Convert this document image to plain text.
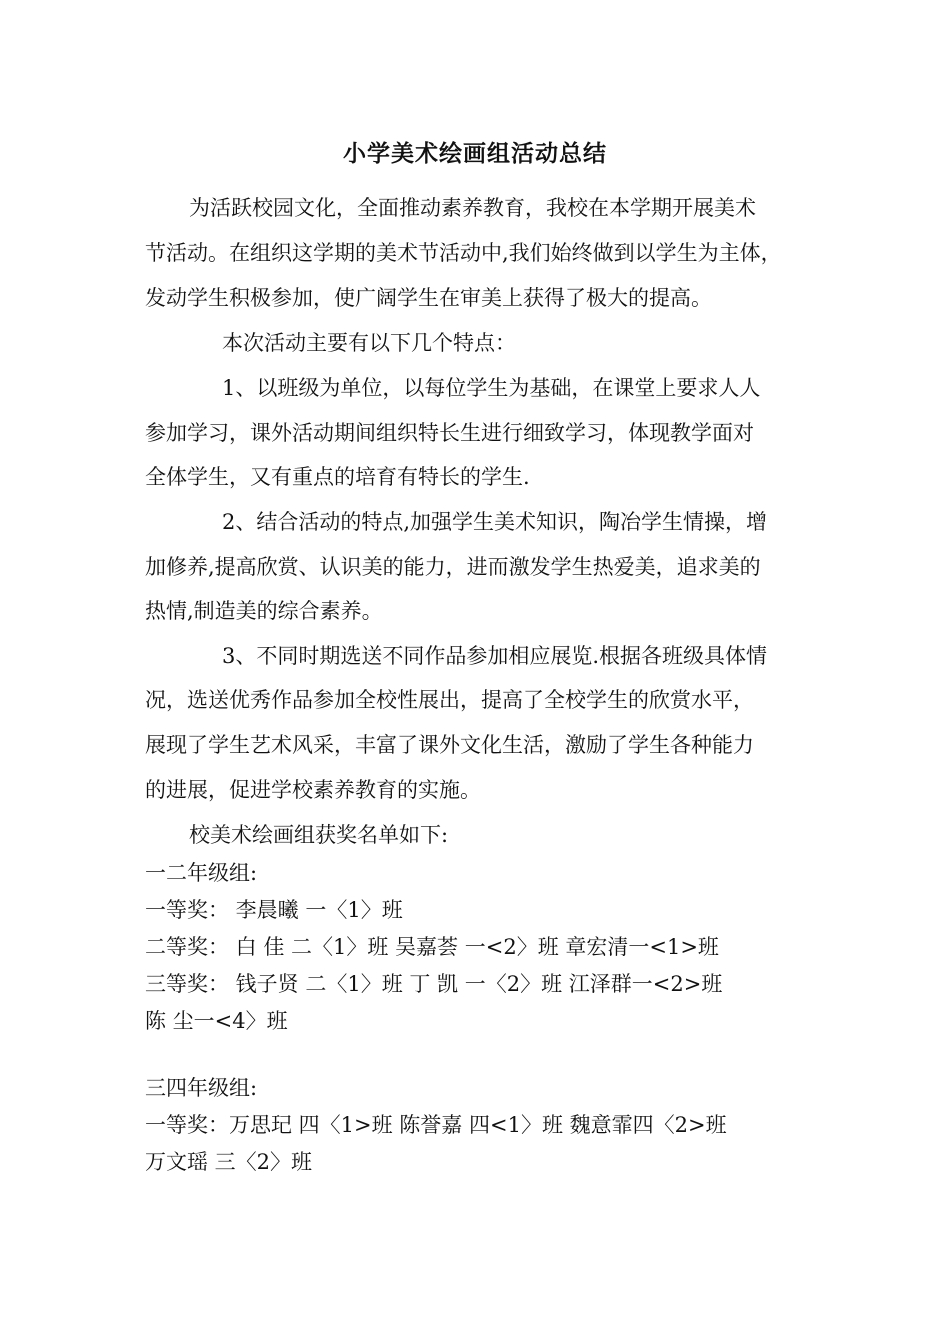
小学美术绘画组活动总结
为活跃校园文化，全面推动素养教育，我校在本学期开展美术
节活动。在组织这学期的美术节活动中,我们始终做到以学生为主体，
发动学生积极参加，使广阔学生在审美上获得了极大的提高。
本次活动主要有以下几个特点：
1、以班级为单位，以每位学生为基础，在课堂上要求人人
参加学习，课外活动期间组织特长生进行细致学习，体现教学面对
全体学生，又有重点的培育有特长的学生.
2、结合活动的特点,加强学生美术知识，陶冶学生情操，增
加修养,提高欣赏、认识美的能力，进而激发学生热爱美，追求美的
热情,制造美的综合素养。
3、不同时期选送不同作品参加相应展览.根据各班级具体情
况，选送优秀作品参加全校性展出，提高了全校学生的欣赏水平，
展现了学生艺术风采，丰富了课外文化生活，激励了学生各种能力
的进展，促进学校素养教育的实施。
校美术绘画组获奖名单如下:
一二年级组:
一等奖： 李晨曦 一〈1〉班
二等奖： 白 佳 二〈1〉班 吴嘉荟 一<2〉班 章宏清一<1>班
三等奖： 钱子贤 二〈1〉班 丁 凯 一〈2〉班 江泽群一<2>班
陈 尘一<4〉班
三四年级组:
一等奖：万思玘 四〈1>班 陈誉嘉 四<1〉班 魏意霏四〈2>班
万文瑶 三〈2〉班
